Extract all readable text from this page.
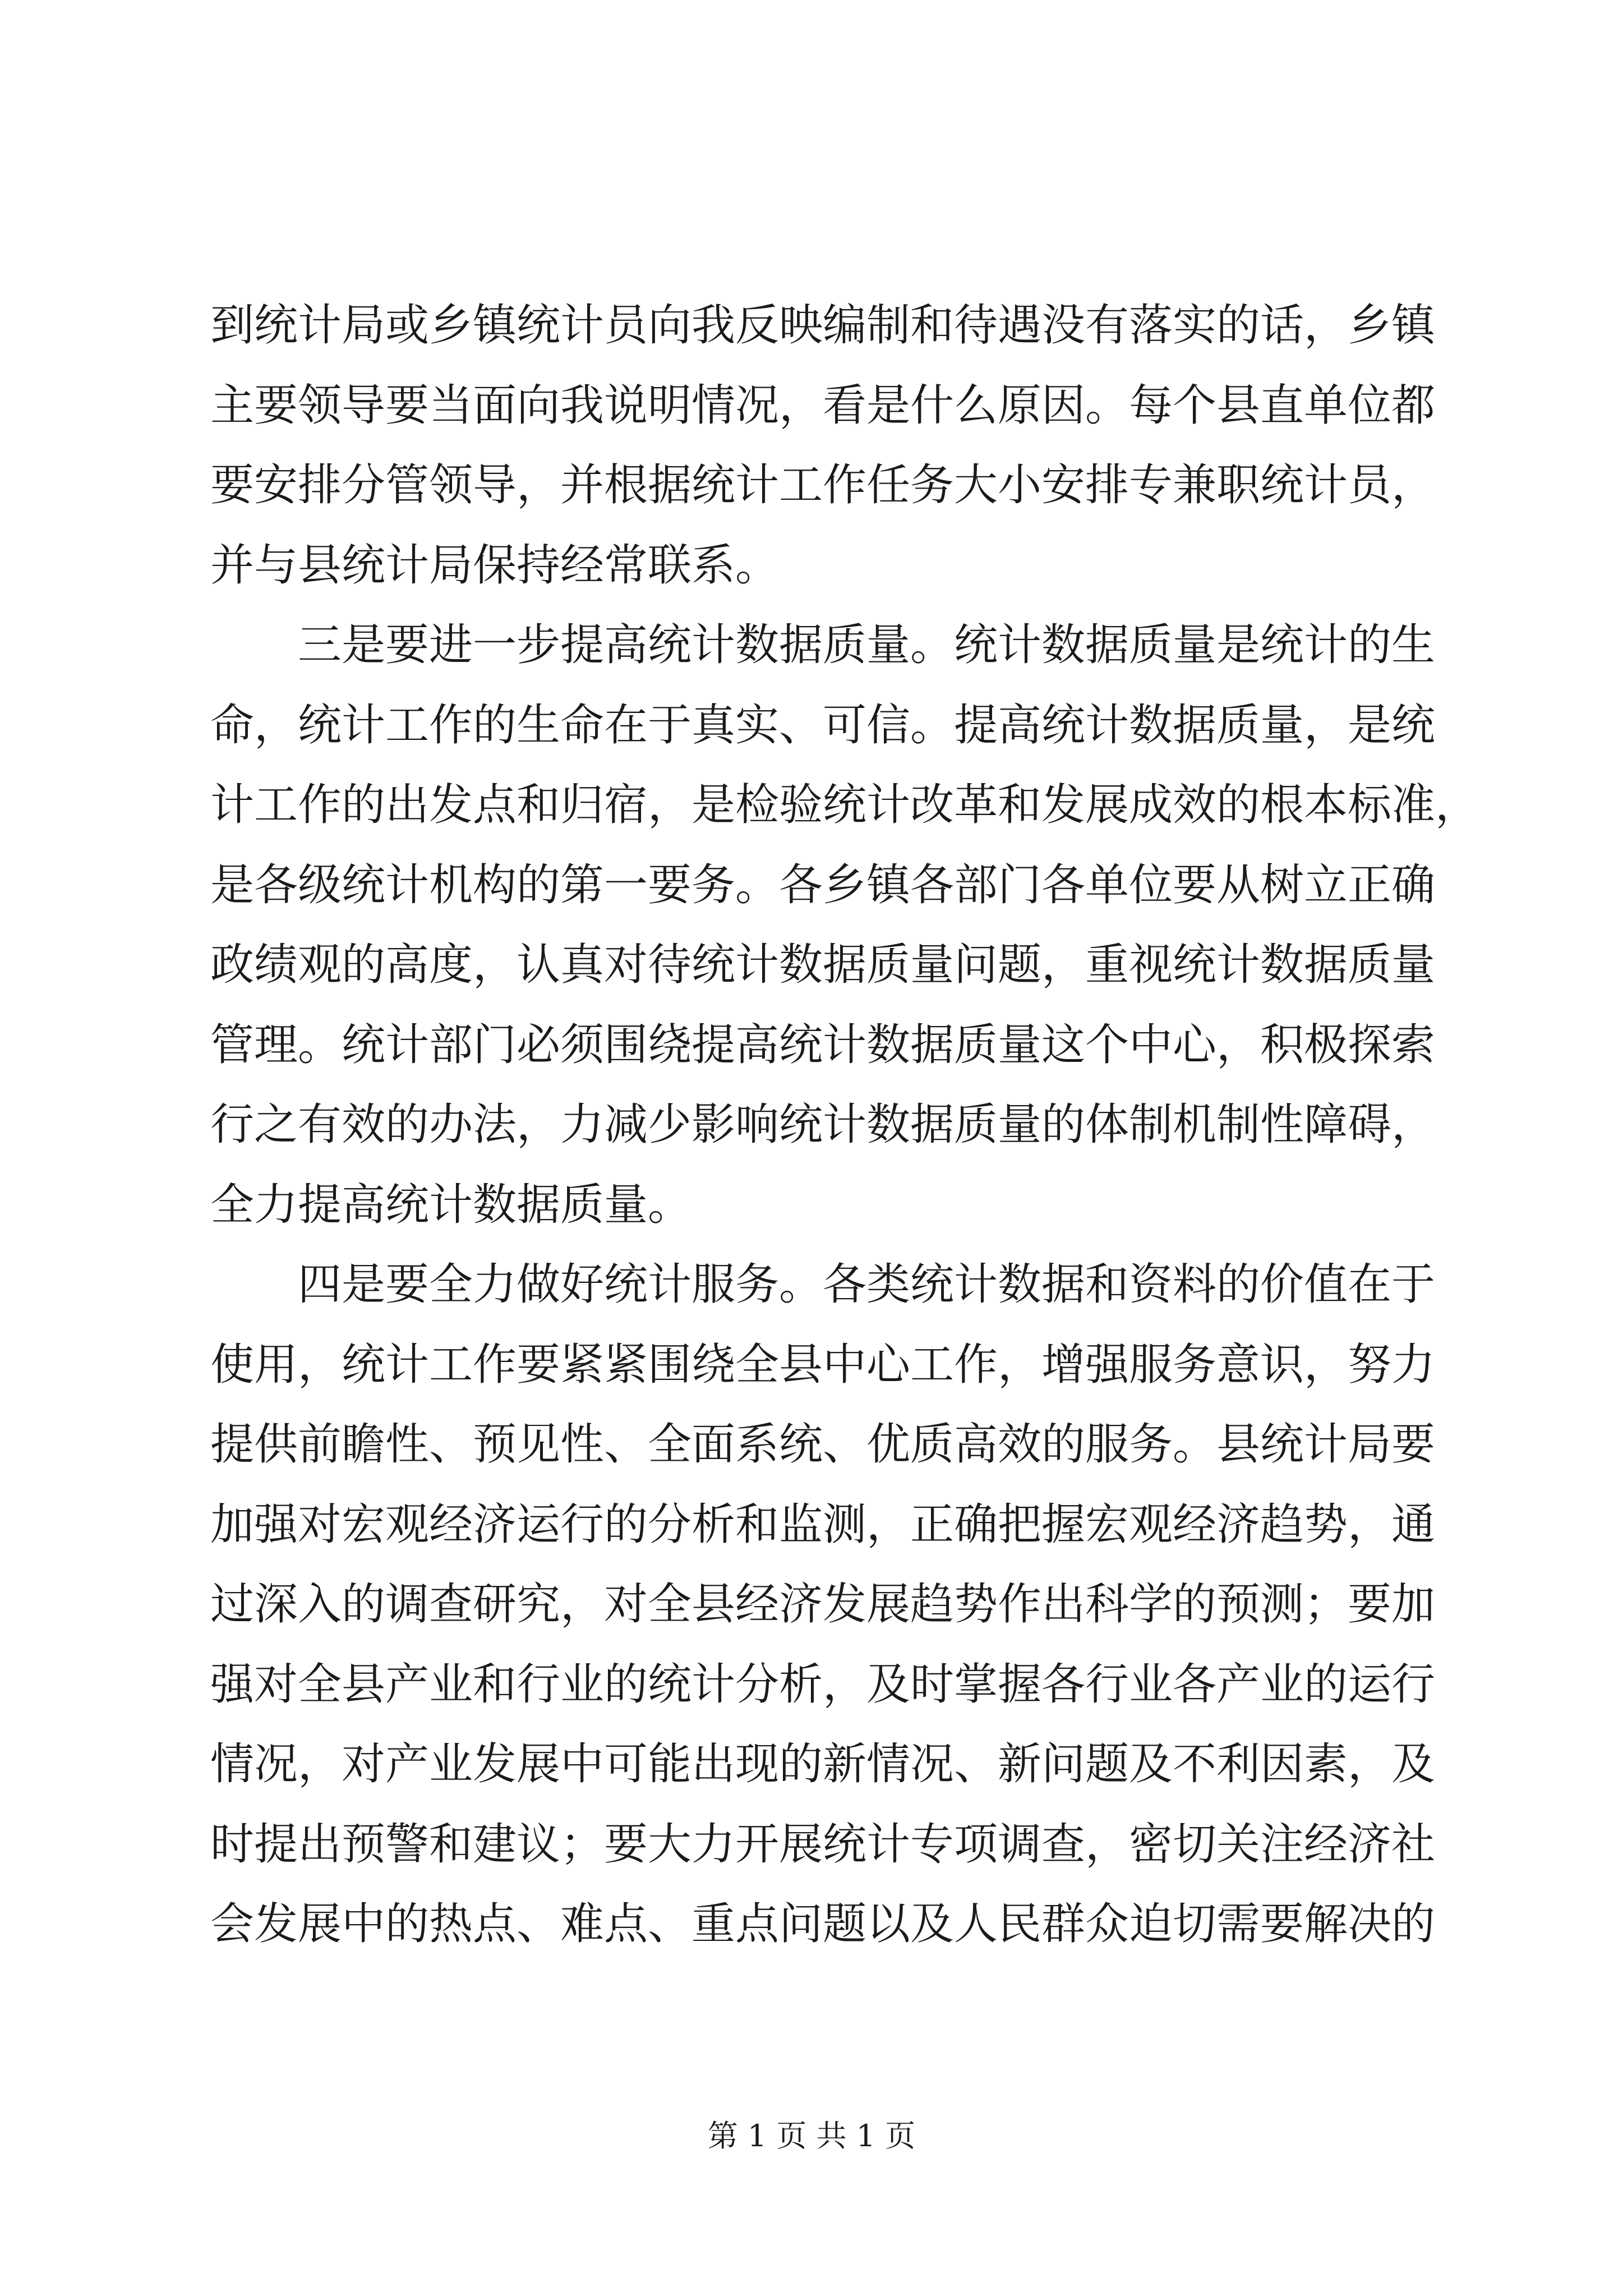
到统计局或乡镇统计员向我反映编制和待遇没有落实的话，乡镇
主要领导要当面向我说明情况，看是什么原因。每个县直单位都
要安排分管领导，并根据统计工作任务大小安排专兼职统计员，
并与县统计局保持经常联系。
三是要进一步提高统计数据质量。统计数据质量是统计的生
命，统计工作的生命在于真实、可信。提高统计数据质量，是统
计工作的出发点和归宿，是检验统计改革和发展成效的根本标准，
是各级统计机构的第一要务。各乡镇各部门各单位要从树立正确
政绩观的高度，认真对待统计数据质量问题，重视统计数据质量
管理。统计部门必须围绕提高统计数据质量这个中心，积极探索
行之有效的办法，力减少影响统计数据质量的体制机制性障碍，
全力提高统计数据质量。
四是要全力做好统计服务。各类统计数据和资料的价值在于
使用，统计工作要紧紧围绕全县中心工作，增强服务意识，努力
提供前瞻性、预见性、全面系统、优质高效的服务。县统计局要
加强对宏观经济运行的分析和监测，正确把握宏观经济趋势，通
过深入的调查研究，对全县经济发展趋势作出科学的预测；要加
强对全县产业和行业的统计分析，及时掌握各行业各产业的运行
情况，对产业发展中可能出现的新情况、新问题及不利因素，及
时提出预警和建议；要大力开展统计专项调查，密切关注经济社
会发展中的热点、难点、重点问题以及人民群众迫切需要解决的
第 1 页 共 1 页
